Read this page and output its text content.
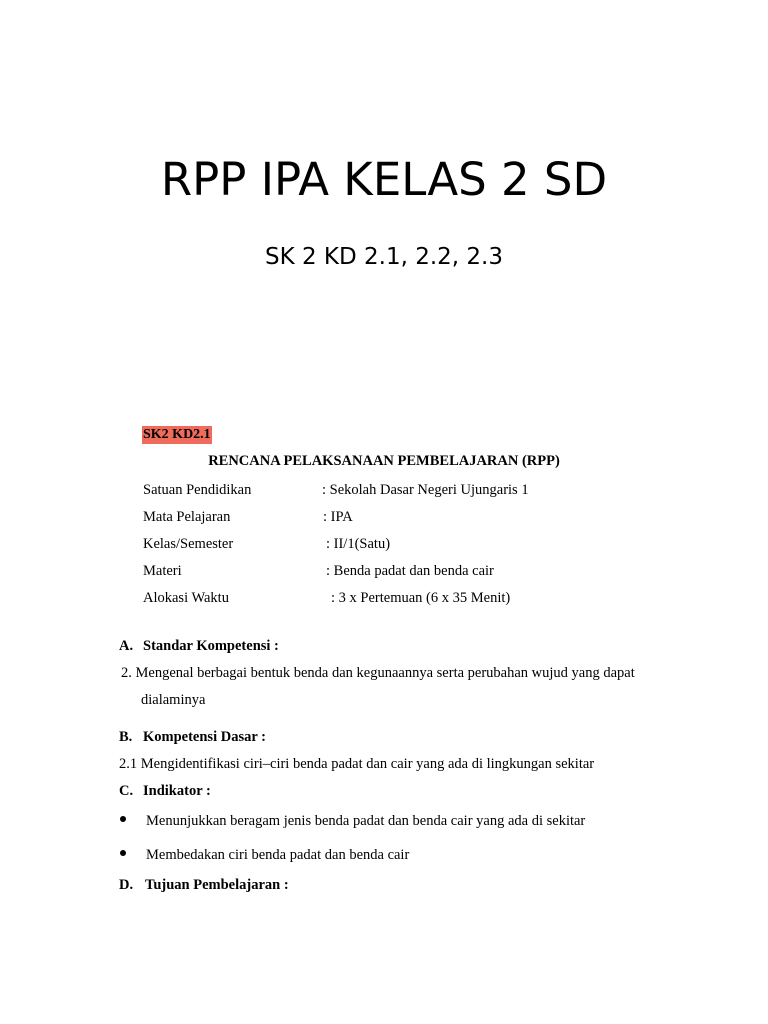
RPP IPA KELAS 2 SD
SK 2 KD 2.1, 2.2, 2.3
SK2 KD2.1
RENCANA PELAKSANAAN PEMBELAJARAN (RPP)
Satuan Pendidikan	: Sekolah Dasar Negeri Ujungaris 1
Mata Pelajaran	: IPA
Kelas/Semester	: II/1(Satu)
Materi	: Benda padat dan benda cair
Alokasi Waktu	: 3 x Pertemuan (6 x 35 Menit)
A. Standar Kompetensi :
2. Mengenal berbagai bentuk benda dan kegunaannya serta perubahan wujud yang dapat
dialaminya
B. Kompetensi Dasar :
2.1 Mengidentifikasi ciri–ciri benda padat dan cair yang ada di lingkungan sekitar
C. Indikator :
Menunjukkan beragam jenis benda padat dan benda cair yang ada di sekitar
Membedakan ciri benda padat dan benda cair
D. Tujuan Pembelajaran :
